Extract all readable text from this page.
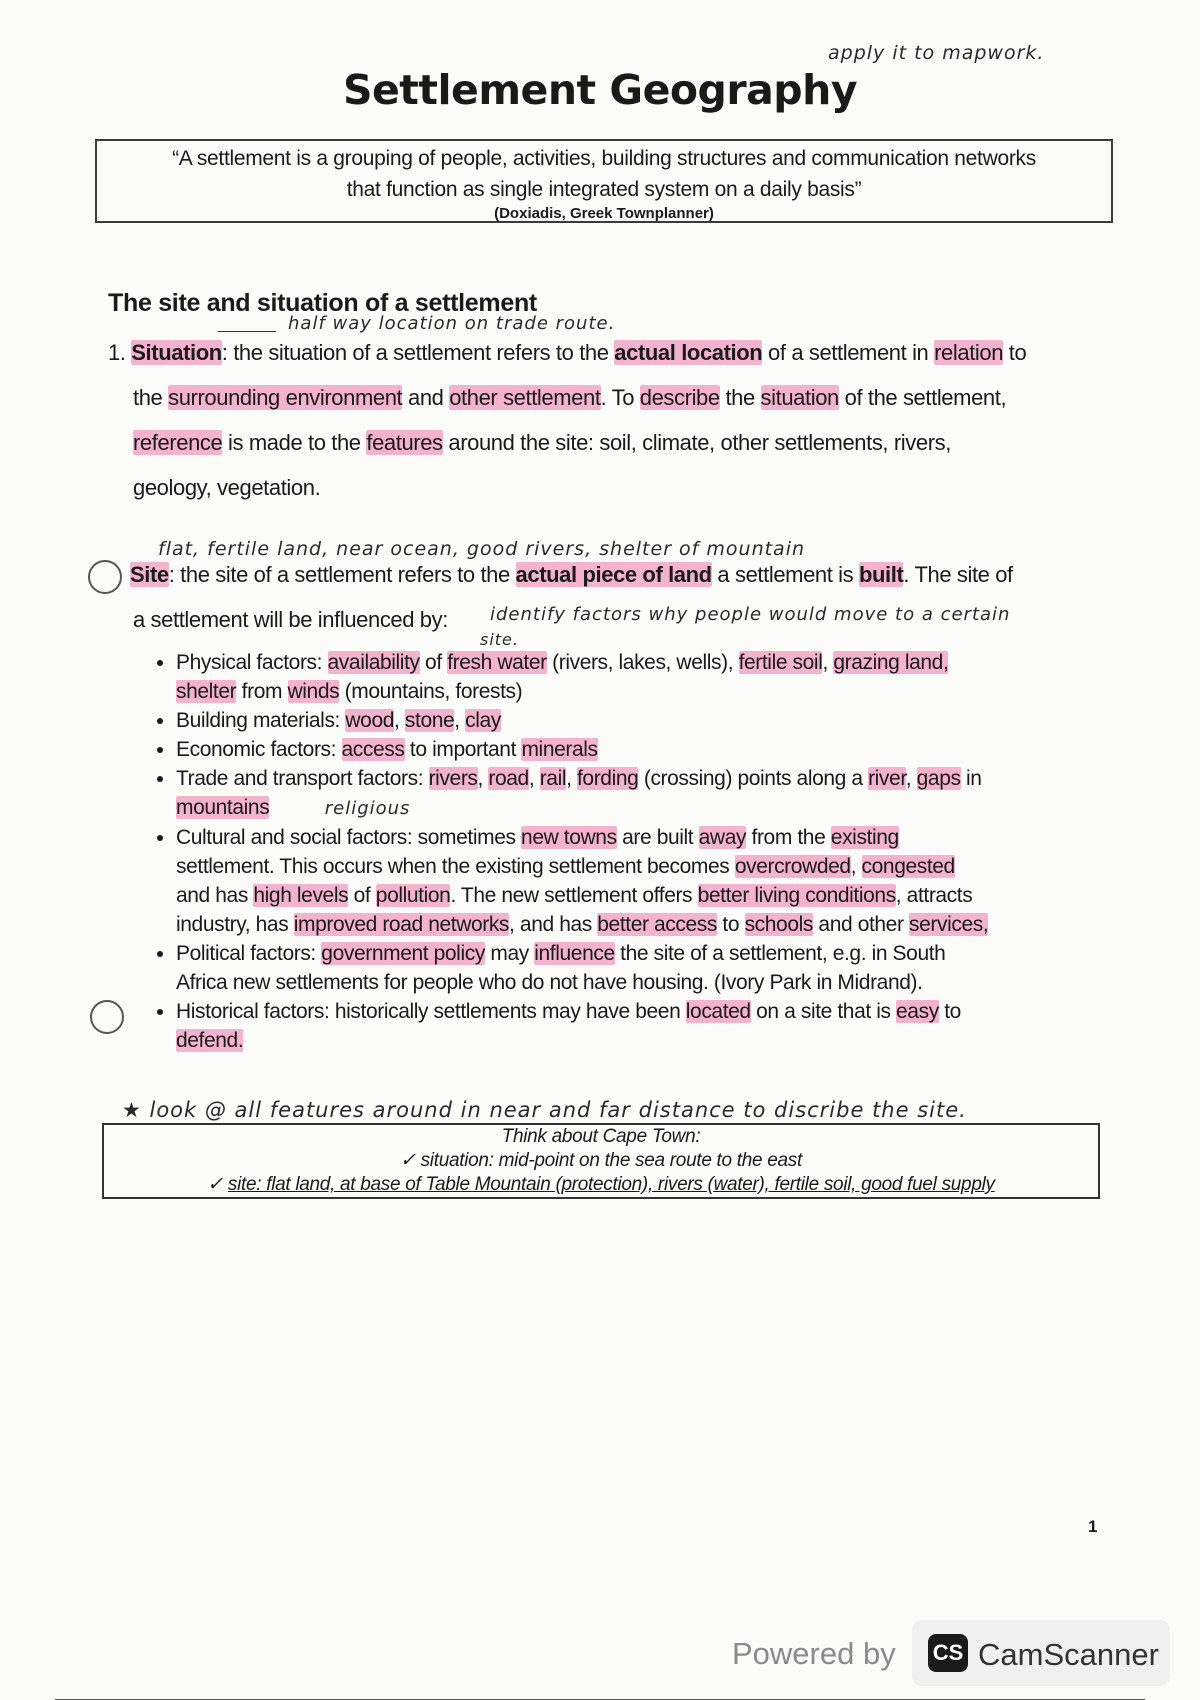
apply it to mapwork.
Settlement Geography
“A settlement is a grouping of people, activities, building structures and communication networks
that function as single integrated system on a daily basis”
(Doxiadis, Greek Townplanner)
The site and situation of a settlement
half way location on trade route.
1. Situation: the situation of a settlement refers to the actual location of a settlement in relation to
the surrounding environment and other settlement. To describe the situation of the settlement,
reference is made to the features around the site: soil, climate, other settlements, rivers,
geology, vegetation.
flat, fertile land, near ocean, good rivers, shelter of mountain
Site: the site of a settlement refers to the actual piece of land a settlement is built. The site of
a settlement will be influenced by: identify factors why people would move to a certain
site.
• Physical factors: availability of fresh water (rivers, lakes, wells), fertile soil, grazing land,
shelter from winds (mountains, forests)
• Building materials: wood, stone, clay
• Economic factors: access to important minerals
• Trade and transport factors: rivers, road, rail, fording (crossing) points along a river, gaps in
mountains	religious
• Cultural and social factors: sometimes new towns are built away from the existing
settlement. This occurs when the existing settlement becomes overcrowded, congested
and has high levels of pollution. The new settlement offers better living conditions, attracts
industry, has improved road networks, and has better access to schools and other services,
• Political factors: government policy may influence the site of a settlement, e.g. in South
Africa new settlements for people who do not have housing. (Ivory Park in Midrand).
• Historical factors: historically settlements may have been located on a site that is easy to
defend.
★ look @ all features around in near and far distance to discribe the site.
Think about Cape Town:
✓ situation: mid-point on the sea route to the east
✓ site: flat land, at base of Table Mountain (protection), rivers (water), fertile soil, good fuel supply
1
Powered by CS CamScanner
